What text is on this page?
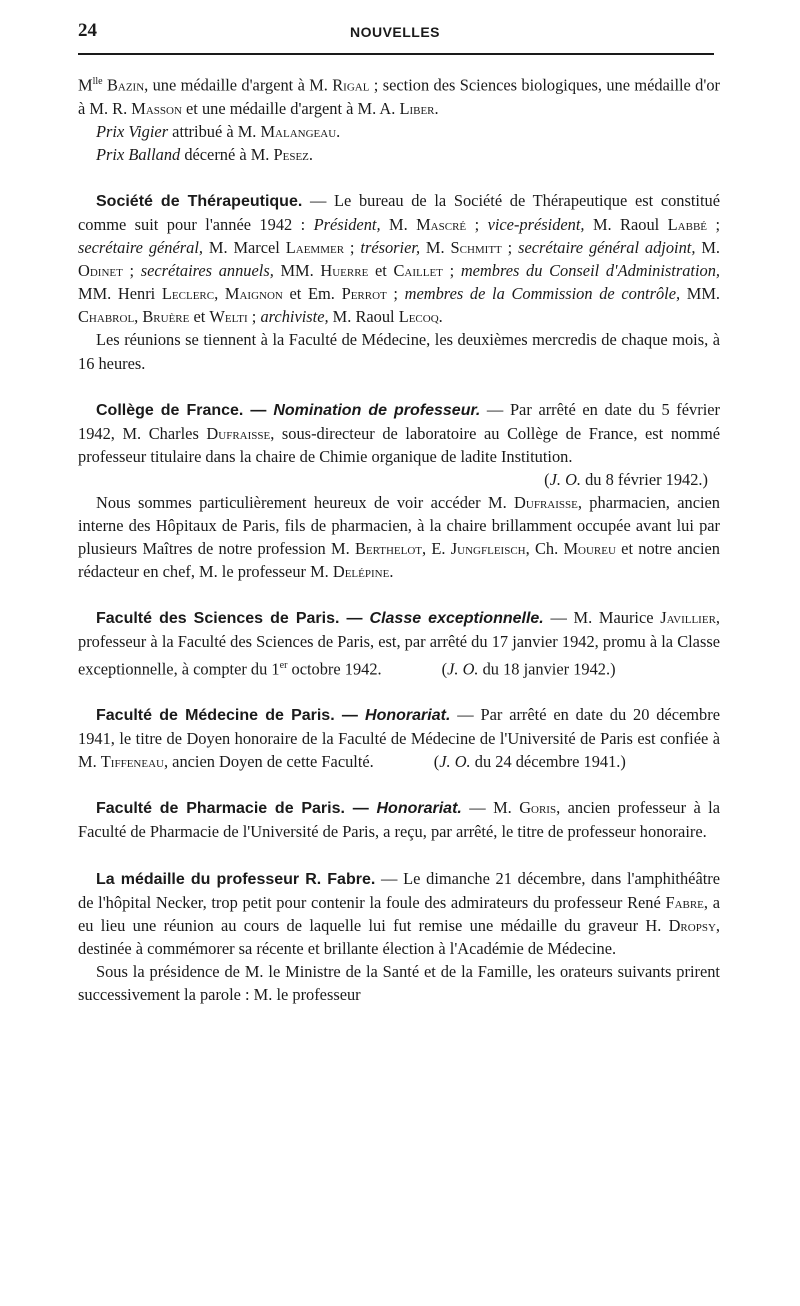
24	NOUVELLES

$M^{lle}$ Bazin, une médaille d'argent à M. Rigal ; section des Sciences biologiques, une médaille d'or à M. R. Masson et une médaille d'argent à M. A. Liber.

Prix Vigier attribué à M. Malangeau.

Prix Balland décerné à M. Pesez.

Société de Thérapeutique. — Le bureau de la Société de Thérapeutique est constitué comme suit pour l'année 1942 : Président, M. Mascré ; vice-président, M. Raoul Labbé ; secrétaire général, M. Marcel Laemmer ; trésorier, M. Schmitt ; secrétaire général adjoint, M. Odinet ; secrétaires annuels, MM. Huerre et Caillet ; membres du Conseil d'Administration, MM. Henri Leclerc, Maignon et Em. Perrot ; membres de la Commission de contrôle, MM. Chabrol, Bruère et Welti ; archiviste, M. Raoul Lecoq.

Les réunions se tiennent à la Faculté de Médecine, les deuxièmes mercredis de chaque mois, à 16 heures.

Collège de France. — Nomination de professeur. — Par arrêté en date du 5 février 1942, M. Charles Dufraisse, sous-directeur de laboratoire au Collège de France, est nommé professeur titulaire dans la chaire de Chimie organique de ladite Institution.

(J. O. du 8 février 1942.)

Nous sommes particulièrement heureux de voir accéder M. Dufraisse, pharmacien, ancien interne des Hôpitaux de Paris, fils de pharmacien, à la chaire brillamment occupée avant lui par plusieurs Maîtres de notre profession M. Berthelot, E. Jungfleisch, Ch. Moureu et notre ancien rédacteur en chef, M. le professeur M. Delépine.

Faculté des Sciences de Paris. — Classe exceptionnelle. — M. Maurice Javillier, professeur à la Faculté des Sciences de Paris, est, par arrêté du 17 janvier 1942, promu à la Classe exceptionnelle, à compter du 1er octobre 1942.	(J. O. du 18 janvier 1942.)

Faculté de Médecine de Paris. — Honorariat. — Par arrêté en date du 20 décembre 1941, le titre de Doyen honoraire de la Faculté de Médecine de l'Université de Paris est confiée à M. Tiffeneau, ancien Doyen de cette Faculté.	(J. O. du 24 décembre 1941.)

Faculté de Pharmacie de Paris. — Honorariat. — M. Goris, ancien professeur à la Faculté de Pharmacie de l'Université de Paris, a reçu, par arrêté, le titre de professeur honoraire.

La médaille du professeur R. Fabre. — Le dimanche 21 décembre, dans l'amphithéâtre de l'hôpital Necker, trop petit pour contenir la foule des admirateurs du professeur René Fabre, a eu lieu une réunion au cours de laquelle lui fut remise une médaille du graveur H. Dropsy, destinée à commémorer sa récente et brillante élection à l'Académie de Médecine.

Sous la présidence de M. le Ministre de la Santé et de la Famille, les orateurs suivants prirent successivement la parole : M. le professeur
